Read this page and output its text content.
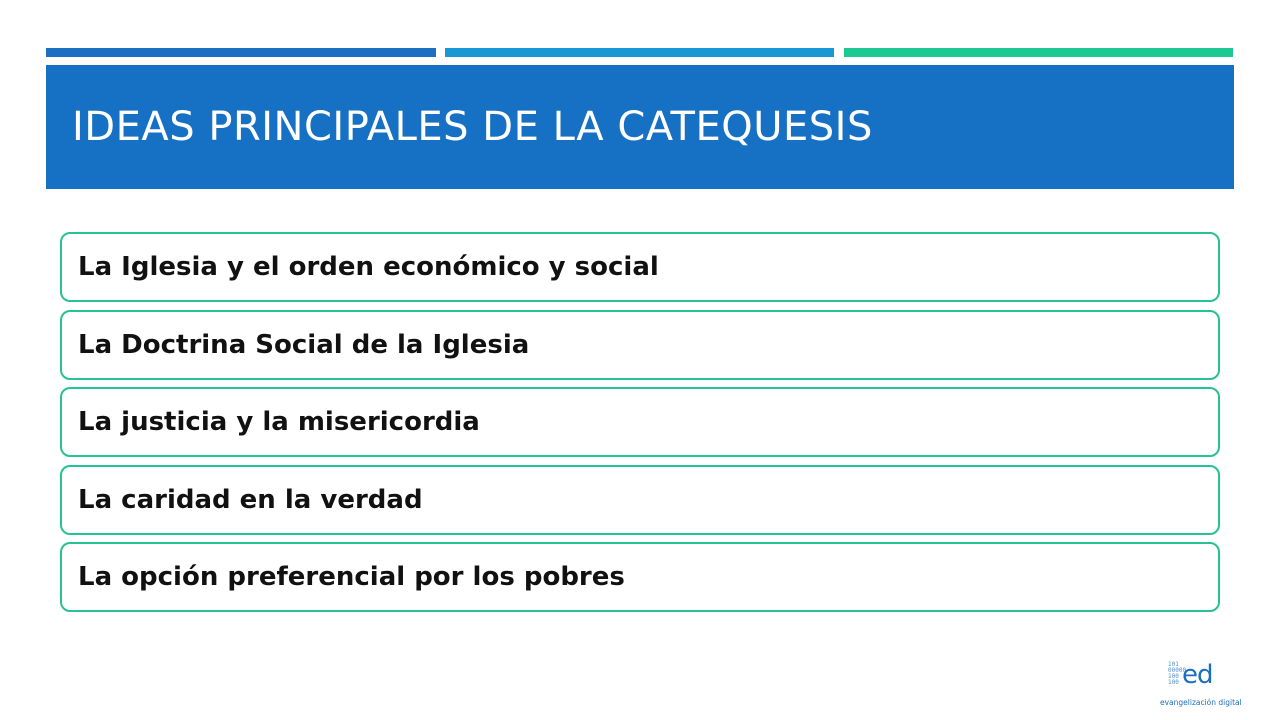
IDEAS PRINCIPALES DE LA CATEQUESIS
La Iglesia y el orden económico y social
La Doctrina Social de la Iglesia
La justicia y la misericordia
La caridad en la verdad
La opción preferencial por los pobres
101
00000
100
100 ed
evangelización digital
